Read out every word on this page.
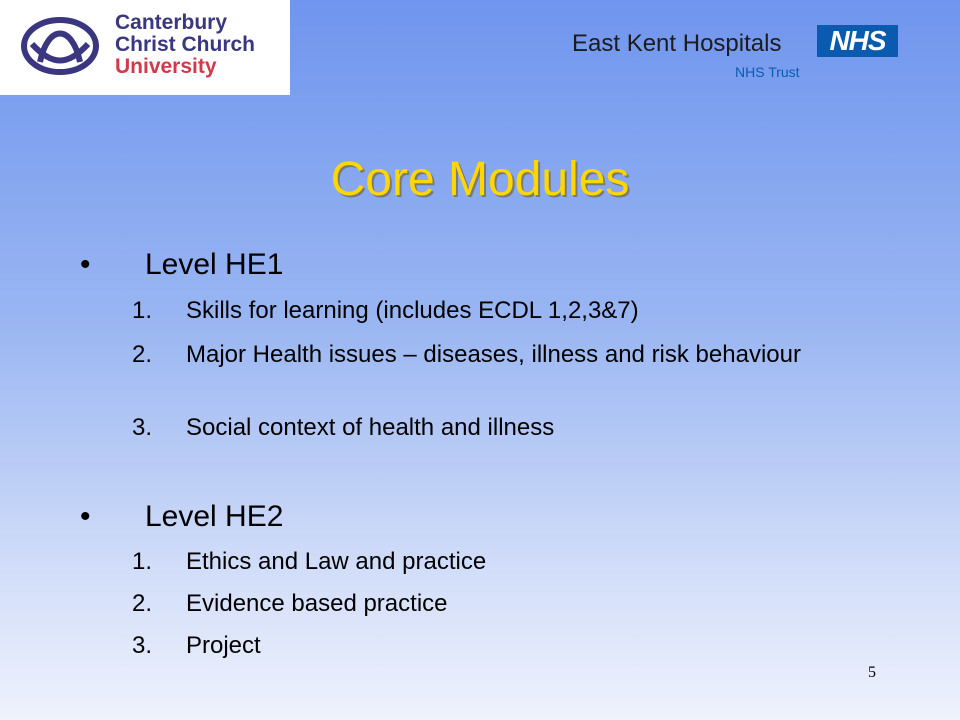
Canterbury
Christ Church
University
East Kent Hospitals	NHS
NHS Trust
Core Modules
• Level HE1
1. Skills for learning (includes ECDL 1,2,3&7)
2. Major Health issues – diseases, illness and risk behaviour
3. Social context of health and illness
• Level HE2
1. Ethics and Law and practice
2. Evidence based practice
3. Project
5
